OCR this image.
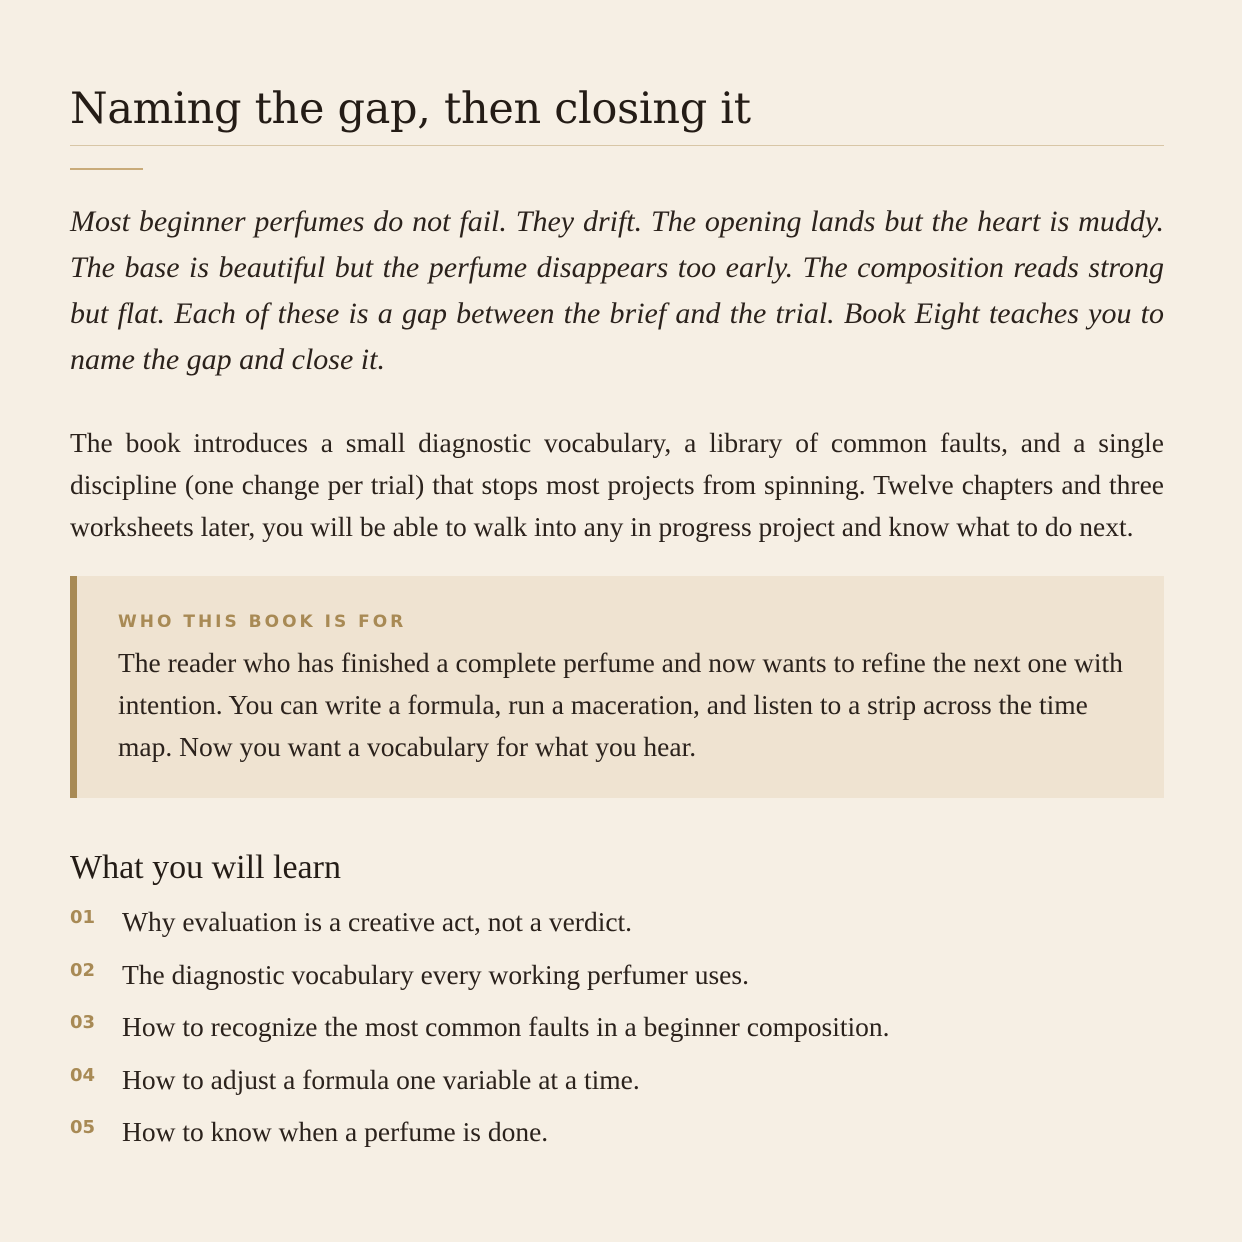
Naming the gap, then closing it

Most beginner perfumes do not fail. They drift. The opening lands but the heart is muddy. The base is beautiful but the perfume disappears too early. The composition reads strong but flat. Each of these is a gap between the brief and the trial. Book Eight teaches you to name the gap and close it.

The book introduces a small diagnostic vocabulary, a library of common faults, and a single discipline (one change per trial) that stops most projects from spinning. Twelve chapters and three worksheets later, you will be able to walk into any in progress project and know what to do next.

WHO THIS BOOK IS FOR

The reader who has finished a complete perfume and now wants to refine the next one with intention. You can write a formula, run a maceration, and listen to a strip across the time map. Now you want a vocabulary for what you hear.

What you will learn
01 Why evaluation is a creative act, not a verdict.
02 The diagnostic vocabulary every working perfumer uses.
03 How to recognize the most common faults in a beginner composition.
04 How to adjust a formula one variable at a time.
05 How to know when a perfume is done.
